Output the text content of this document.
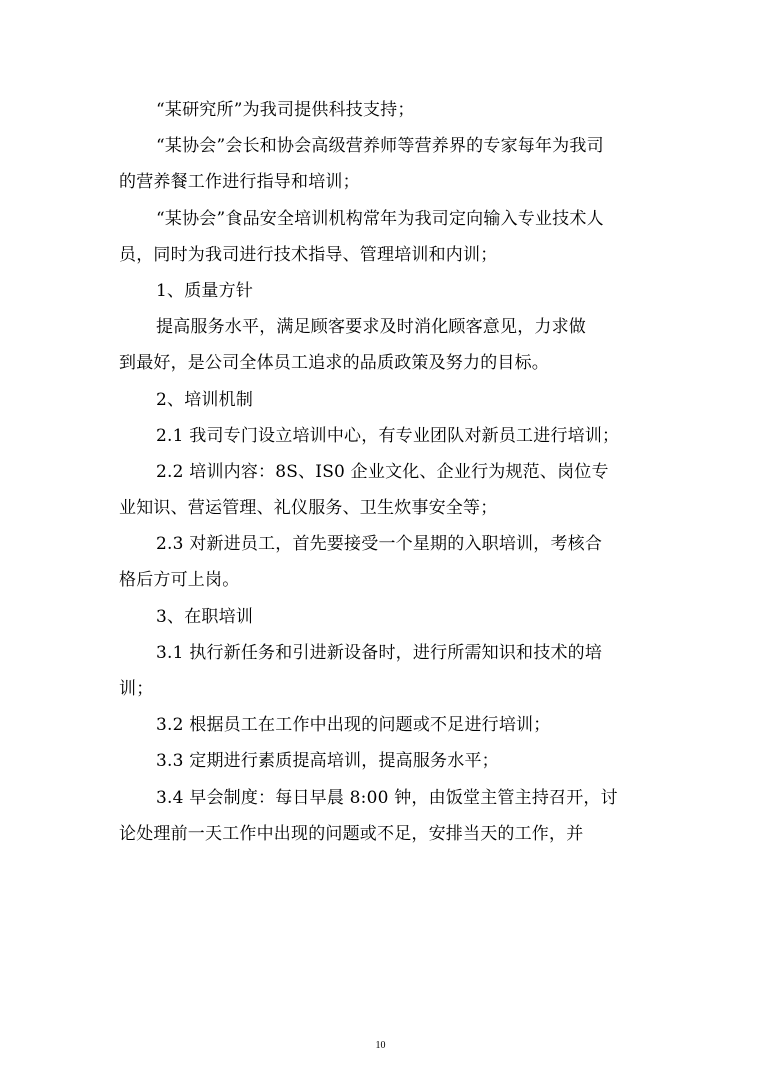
“某研究所”为我司提供科技支持；
“某协会”会长和协会高级营养师等营养界的专家每年为我司
的营养餐工作进行指导和培训；
“某协会”食品安全培训机构常年为我司定向输入专业技术人
员，同时为我司进行技术指导、管理培训和内训；
1、质量方针
提高服务水平，满足顾客要求及时消化顾客意见，力求做
到最好，是公司全体员工追求的品质政策及努力的目标。
2、培训机制
2.1 我司专门设立培训中心，有专业团队对新员工进行培训；
2.2 培训内容：8S、IS0 企业文化、企业行为规范、岗位专
业知识、营运管理、礼仪服务、卫生炊事安全等；
2.3 对新进员工，首先要接受一个星期的入职培训，考核合
格后方可上岗。
3、在职培训
3.1 执行新任务和引进新设备时，进行所需知识和技术的培
训；
3.2 根据员工在工作中出现的问题或不足进行培训；
3.3 定期进行素质提高培训，提高服务水平；
3.4 早会制度：每日早晨 8:00 钟，由饭堂主管主持召开，讨
论处理前一天工作中出现的问题或不足，安排当天的工作，并
10
